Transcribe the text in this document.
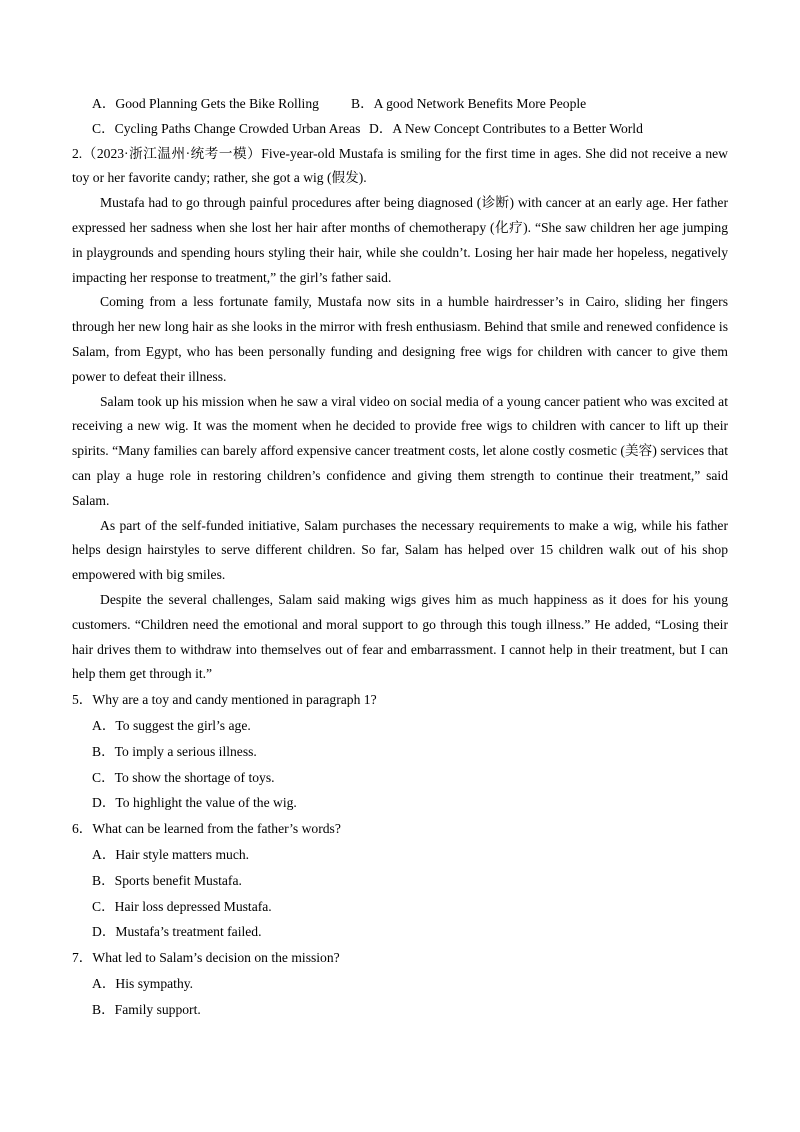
A．Good Planning Gets the Bike Rolling B．A good Network Benefits More People
C．Cycling Paths Change Crowded Urban Areas D．A New Concept Contributes to a Better World

2.（2023·浙江温州·统考一模）Five-year-old Mustafa is smiling for the first time in ages. She did not receive a new toy or her favorite candy; rather, she got a wig (假发).

Mustafa had to go through painful procedures after being diagnosed (诊断) with cancer at an early age. Her father expressed her sadness when she lost her hair after months of chemotherapy (化疗). “She saw children her age jumping in playgrounds and spending hours styling their hair, while she couldn’t. Losing her hair made her hopeless, negatively impacting her response to treatment,” the girl’s father said.

Coming from a less fortunate family, Mustafa now sits in a humble hairdresser’s in Cairo, sliding her fingers through her new long hair as she looks in the mirror with fresh enthusiasm. Behind that smile and renewed confidence is Salam, from Egypt, who has been personally funding and designing free wigs for children with cancer to give them power to defeat their illness.

Salam took up his mission when he saw a viral video on social media of a young cancer patient who was excited at receiving a new wig. It was the moment when he decided to provide free wigs to children with cancer to lift up their spirits. “Many families can barely afford expensive cancer treatment costs, let alone costly cosmetic (美容) services that can play a huge role in restoring children’s confidence and giving them strength to continue their treatment,” said Salam.

As part of the self-funded initiative, Salam purchases the necessary requirements to make a wig, while his father helps design hairstyles to serve different children. So far, Salam has helped over 15 children walk out of his shop empowered with big smiles.

Despite the several challenges, Salam said making wigs gives him as much happiness as it does for his young customers. “Children need the emotional and moral support to go through this tough illness.” He added, “Losing their hair drives them to withdraw into themselves out of fear and embarrassment. I cannot help in their treatment, but I can help them get through it.”

5．Why are a toy and candy mentioned in paragraph 1?
A．To suggest the girl’s age.
B．To imply a serious illness.
C．To show the shortage of toys.
D．To highlight the value of the wig.
6．What can be learned from the father’s words?
A．Hair style matters much.
B．Sports benefit Mustafa.
C．Hair loss depressed Mustafa.
D．Mustafa’s treatment failed.
7．What led to Salam’s decision on the mission?
A．His sympathy.
B．Family support.
